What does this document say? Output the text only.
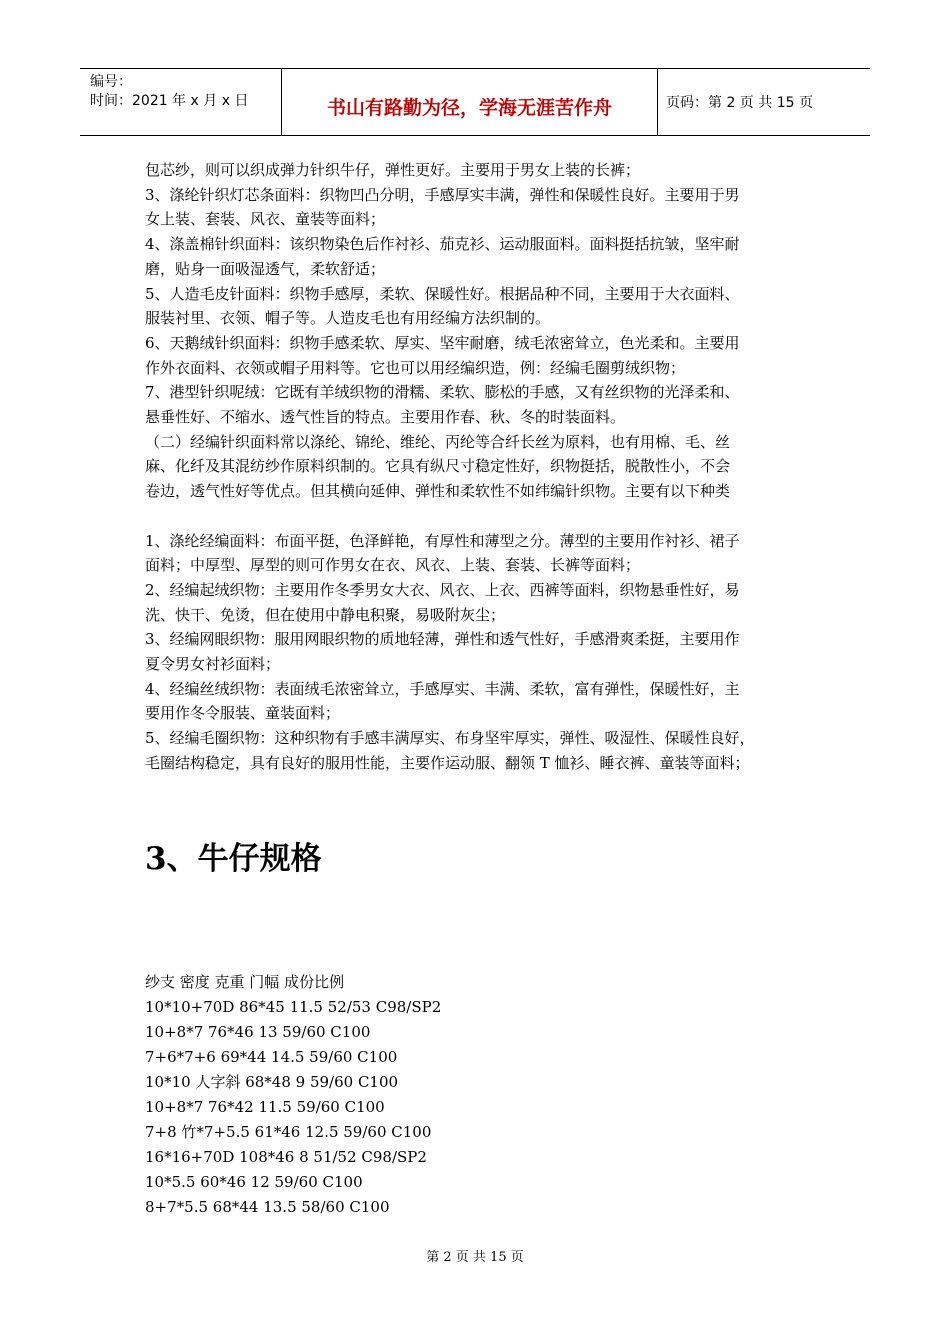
编号：
时间：2021 年 x 月 x 日	书山有路勤为径，学海无涯苦作舟	页码：第 2 页 共 15 页

包芯纱，则可以织成弹力针织牛仔，弹性更好。主要用于男女上装的长裤；

3、涤纶针织灯芯条面料：织物凹凸分明，手感厚实丰满，弹性和保暖性良好。主要用于男

女上装、套装、风衣、童装等面料；

4、涤盖棉针织面料：该织物染色后作衬衫、茄克衫、运动服面料。面料挺括抗皱，坚牢耐

磨，贴身一面吸湿透气，柔软舒适；

5、人造毛皮针面料：织物手感厚，柔软、保暖性好。根据品种不同，主要用于大衣面料、

服装衬里、衣领、帽子等。人造皮毛也有用经编方法织制的。

6、天鹅绒针织面料：织物手感柔软、厚实、坚牢耐磨，绒毛浓密耸立，色光柔和。主要用

作外衣面料、衣领或帽子用料等。它也可以用经编织造，例：经编毛圈剪绒织物；

7、港型针织呢绒：它既有羊绒织物的滑糯、柔软、膨松的手感，又有丝织物的光泽柔和、

悬垂性好、不缩水、透气性旨的特点。主要用作春、秋、冬的时装面料。

（二）经编针织面料常以涤纶、锦纶、维纶、丙纶等合纤长丝为原料，也有用棉、毛、丝

麻、化纤及其混纺纱作原料织制的。它具有纵尺寸稳定性好，织物挺括，脱散性小，不会

卷边，透气性好等优点。但其横向延伸、弹性和柔软性不如纬编针织物。主要有以下种类

1、涤纶经编面料：布面平挺，色泽鲜艳，有厚性和薄型之分。薄型的主要用作衬衫、裙子

面料；中厚型、厚型的则可作男女在衣、风衣、上装、套装、长裤等面料；

2、经编起绒织物：主要用作冬季男女大衣、风衣、上衣、西裤等面料，织物悬垂性好，易

洗、快干、免烫，但在使用中静电积聚，易吸附灰尘；

3、经编网眼织物：服用网眼织物的质地轻薄，弹性和透气性好，手感滑爽柔挺，主要用作

夏令男女衬衫面料；

4、经编丝绒织物：表面绒毛浓密耸立，手感厚实、丰满、柔软，富有弹性，保暖性好，主

要用作冬令服装、童装面料；

5、经编毛圈织物：这种织物有手感丰满厚实、布身坚牢厚实，弹性、吸湿性、保暖性良好，

毛圈结构稳定，具有良好的服用性能，主要作运动服、翻领 T 恤衫、睡衣裤、童装等面料；

3、牛仔规格

纱支 密度 克重 门幅 成份比例

10*10+70D 86*45 11.5 52/53 C98/SP2

10+8*7 76*46 13 59/60 C100

7+6*7+6 69*44 14.5 59/60 C100

10*10 人字斜 68*48 9 59/60 C100

10+8*7 76*42 11.5 59/60 C100

7+8 竹*7+5.5 61*46 12.5 59/60 C100

16*16+70D 108*46 8 51/52 C98/SP2

10*5.5 60*46 12 59/60 C100

8+7*5.5 68*44 13.5 58/60 C100

第 2 页 共 15 页
